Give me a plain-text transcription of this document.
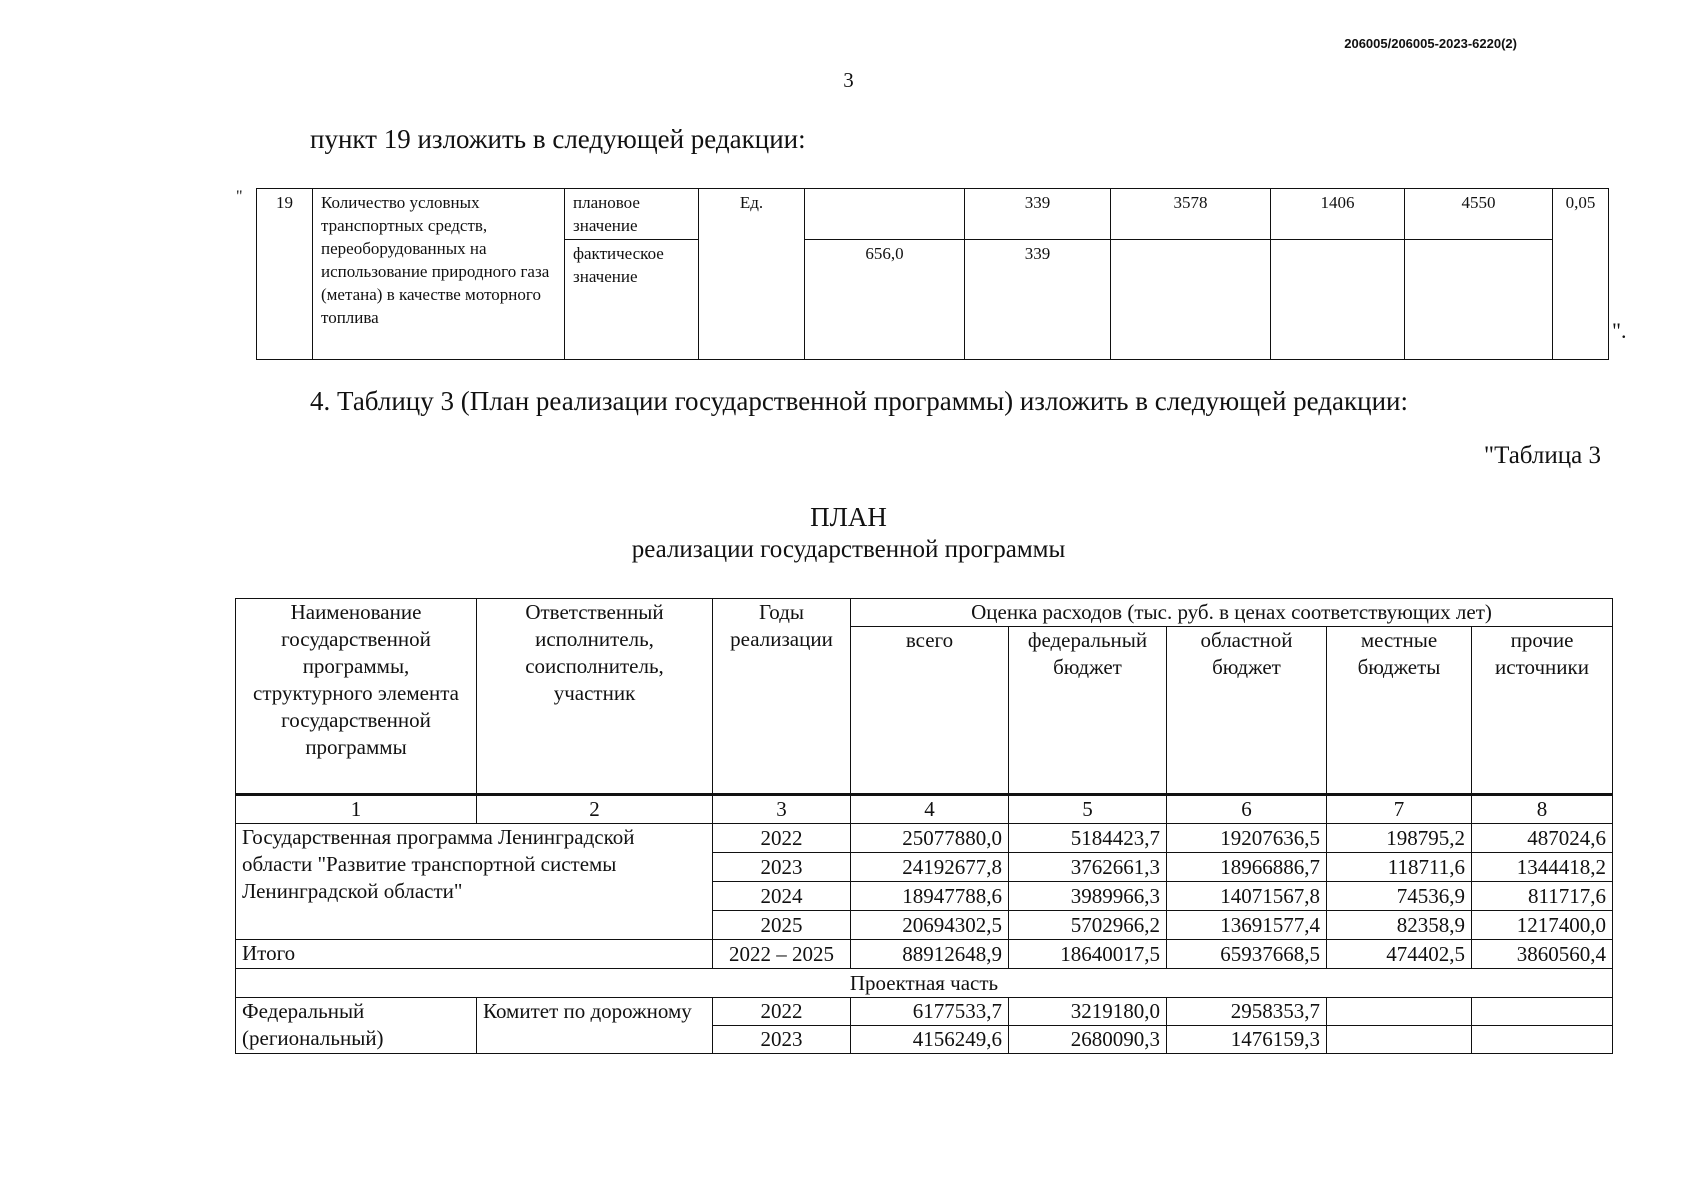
206005/206005-2023-6220(2)
3
пункт 19 изложить в следующей редакции:
" 19	Количество условных транспортных средств, переоборудованных на использование природного газа (метана) в качестве моторного топлива	плановое значение	Ед.		339	3578	1406	4550	0,05
		фактическое значение		656,0	339				
".
4. Таблицу 3 (План реализации государственной программы) изложить в следующей редакции:
"Таблица 3
ПЛАН
реализации государственной программы
Наименование государственной программы, структурного элемента государственной программы	Ответственный исполнитель, соисполнитель, участник	Годы реализации	Оценка расходов (тыс. руб. в ценах соответствующих лет)				
			всего	федеральный бюджет	областной бюджет	местные бюджеты	прочие источники
1	2	3	4	5	6	7	8
Государственная программа Ленинградской области "Развитие транспортной системы Ленинградской области"		2022	25077880,0	5184423,7	19207636,5	198795,2	487024,6
		2023	24192677,8	3762661,3	18966886,7	118711,6	1344418,2
		2024	18947788,6	3989966,3	14071567,8	74536,9	811717,6
		2025	20694302,5	5702966,2	13691577,4	82358,9	1217400,0
Итого		2022 – 2025	88912648,9	18640017,5	65937668,5	474402,5	3860560,4
Проектная часть							
Федеральный (региональный)	Комитет по дорожному	2022	6177533,7	3219180,0	2958353,7		
		2023	4156249,6	2680090,3	1476159,3		
